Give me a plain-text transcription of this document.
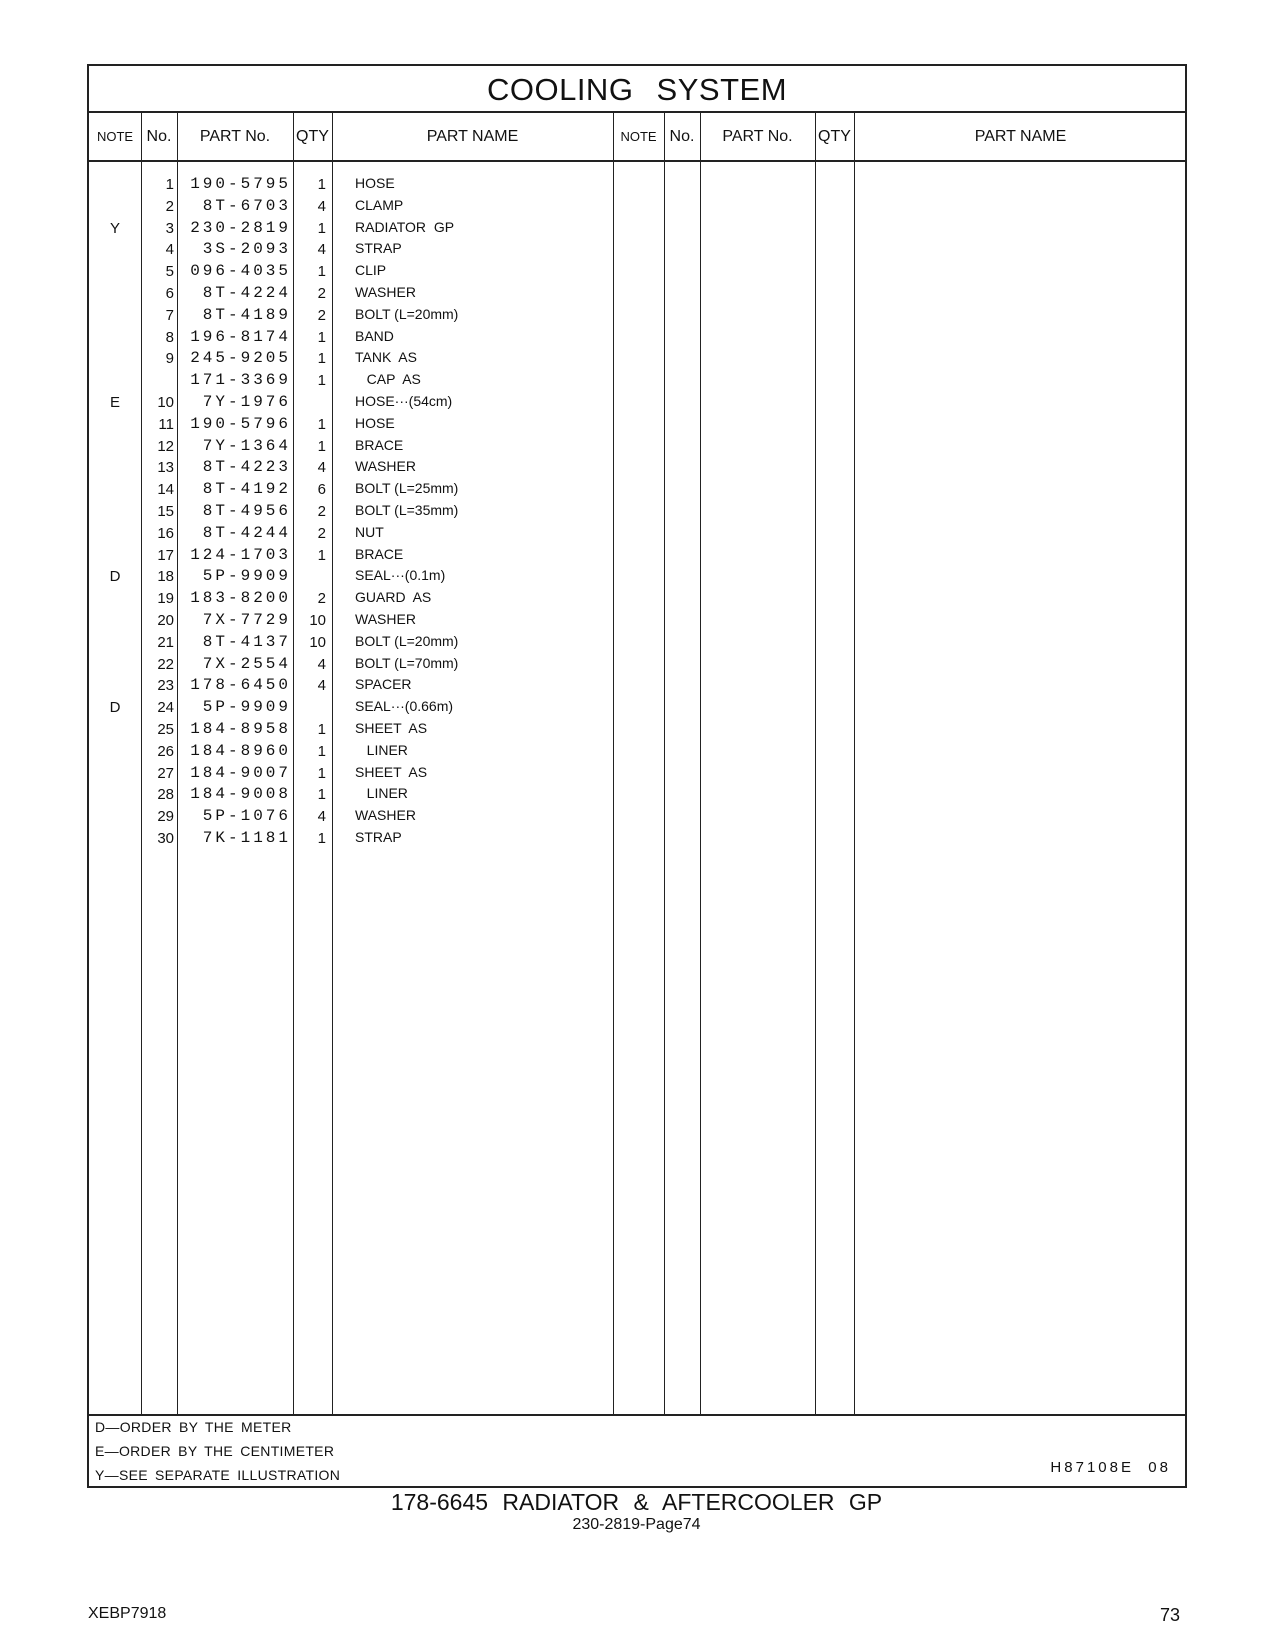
COOLING SYSTEM
NOTE No.	PART No.	QTY	PART NAME	NOTE No.	PART No.	QTY	PART NAME
1	190-5795	1 HOSE
2	8T-6703	4 CLAMP
Y	3	230-2819	1 RADIATOR  GP
4	3S-2093	4 STRAP
5	096-4035	1 CLIP
6	8T-4224	2 WASHER
7	8T-4189	2 BOLT (L=20mm)
8	196-8174	1 BAND
9	245-9205	1 TANK  AS
171-3369	1 CAP  AS
E	10	7Y-1976	HOSE···(54cm)
11	190-5796	1 HOSE
12	7Y-1364	1 BRACE
13	8T-4223	4 WASHER
14	8T-4192	6 BOLT (L=25mm)
15	8T-4956	2 BOLT (L=35mm)
16	8T-4244	2 NUT
17	124-1703	1 BRACE
D	18	5P-9909	SEAL···(0.1m)
19	183-8200	2 GUARD  AS
20	7X-7729	10 WASHER
21	8T-4137	10 BOLT (L=20mm)
22	7X-2554	4 BOLT (L=70mm)
23	178-6450	4 SPACER
D	24	5P-9909	SEAL···(0.66m)
25	184-8958	1 SHEET  AS
26	184-8960	1 LINER
27	184-9007	1 SHEET  AS
28	184-9008	1 LINER
29	5P-1076	4 WASHER
30	7K-1181	1 STRAP
D—ORDER BY THE METER
E—ORDER BY THE CENTIMETER
Y—SEE SEPARATE ILLUSTRATION	H87108E  08
178-6645 RADIATOR & AFTERCOOLER GP
230-2819-Page74
XEBP7918	73
